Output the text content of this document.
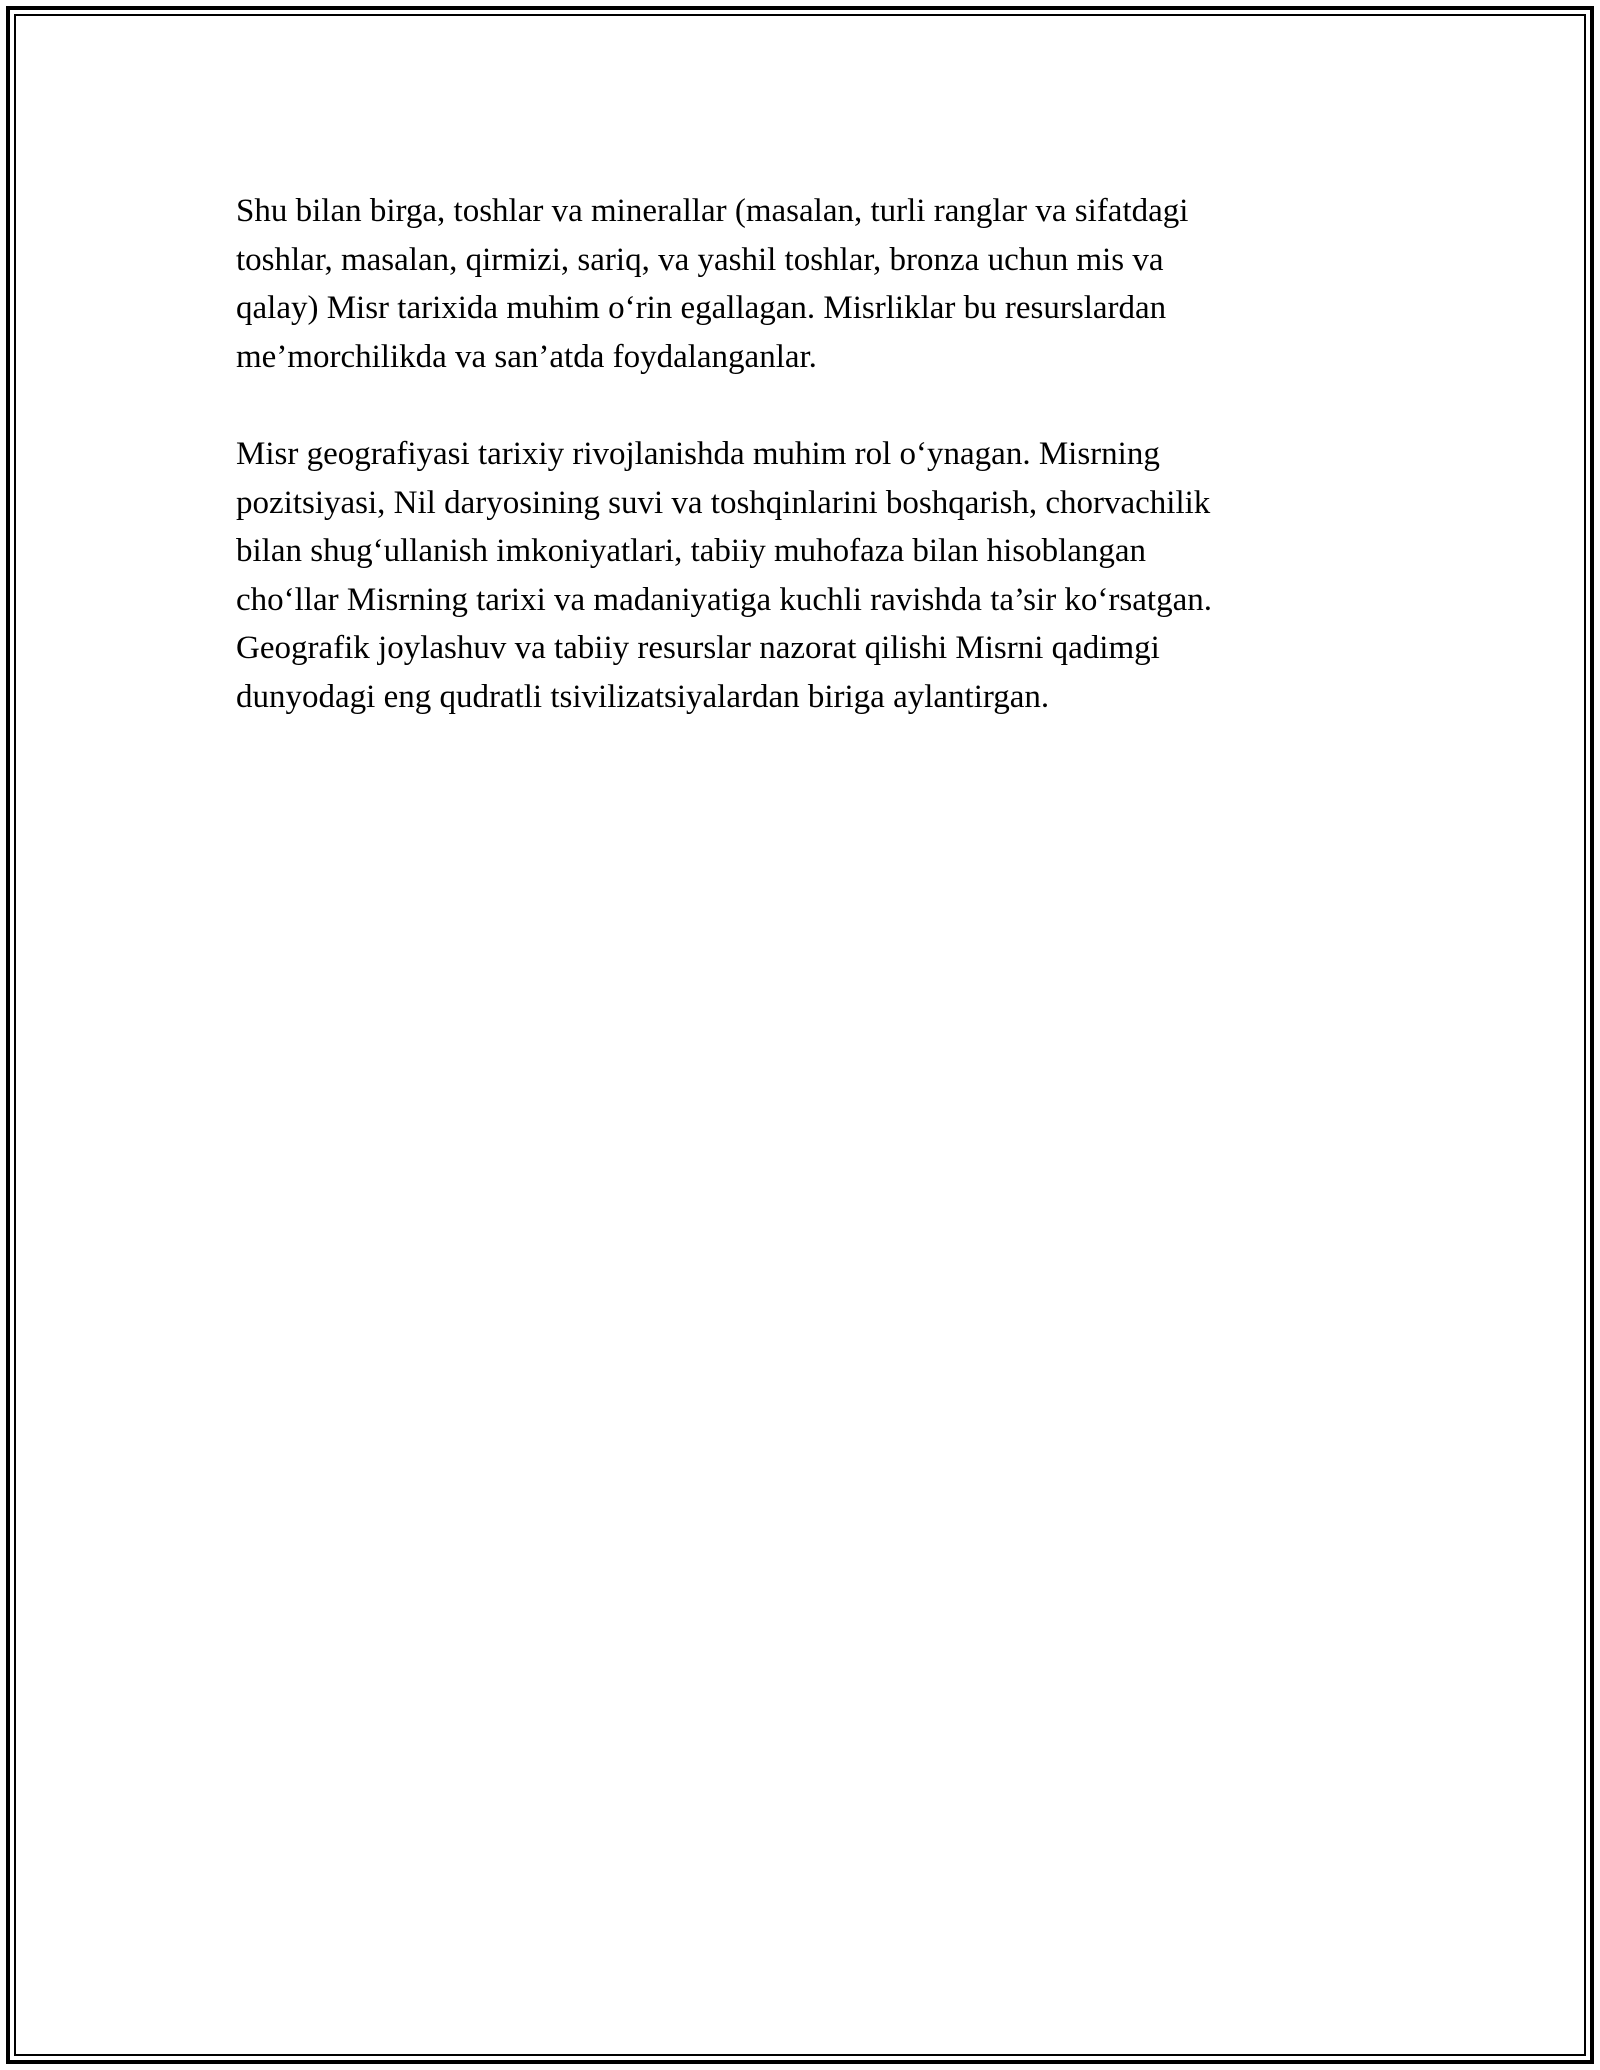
Shu bilan birga, toshlar va minerallar (masalan, turli ranglar va sifatdagi
toshlar, masalan, qirmizi, sariq, va yashil toshlar, bronza uchun mis va
qalay) Misr tarixida muhim o‘rin egallagan. Misrliklar bu resurslardan
me’morchilikda va san’atda foydalanganlar.

Misr geografiyasi tarixiy rivojlanishda muhim rol o‘ynagan. Misrning
pozitsiyasi, Nil daryosining suvi va toshqinlarini boshqarish, chorvachilik
bilan shug‘ullanish imkoniyatlari, tabiiy muhofaza bilan hisoblangan
cho‘llar Misrning tarixi va madaniyatiga kuchli ravishda ta’sir ko‘rsatgan.
Geografik joylashuv va tabiiy resurslar nazorat qilishi Misrni qadimgi
dunyodagi eng qudratli tsivilizatsiyalardan biriga aylantirgan.
